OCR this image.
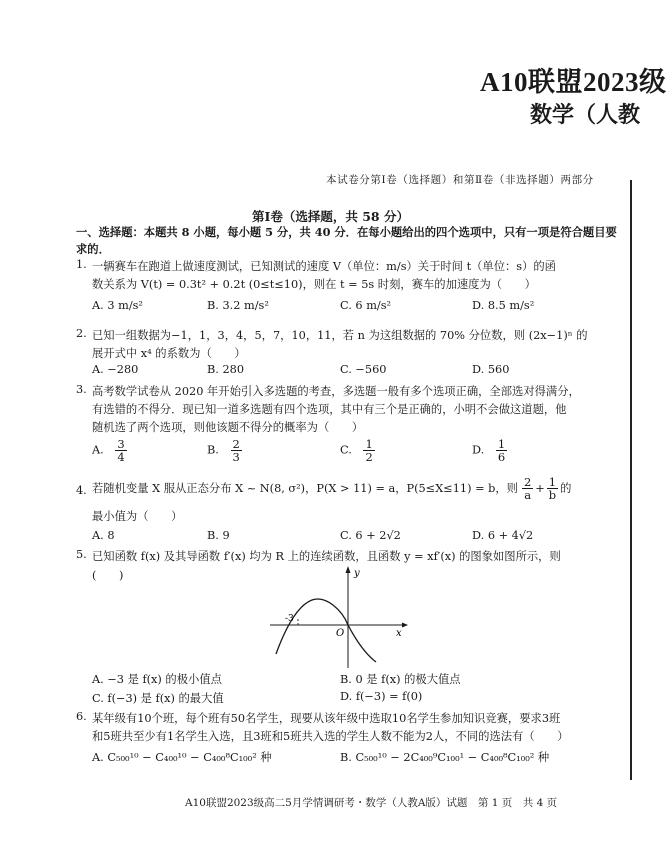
A10联盟2023级
数学（人教
本试卷分第Ⅰ卷（选择题）和第Ⅱ卷（非选择题）两部分
第Ⅰ卷（选择题，共 58 分）
一、选择题：本题共 8 小题，每小题 5 分，共 40 分．在每小题给出的四个选项中，只有一项是符合题目要求的．
1. 一辆赛车在跑道上做速度测试，已知测试的速度 V（单位：m/s）关于时间 t（单位：s）的函
数关系为 V(t) = 0.3t² + 0.2t (0≤t≤10)，则在 t = 5s 时刻，赛车的加速度为（　　）
A. 3 m/s²	B. 3.2 m/s²	C. 6 m/s²	D. 8.5 m/s²
2. 已知一组数据为−1，1，3，4，5，7，10，11，若 n 为这组数据的 70% 分位数，则 (2x−1)ⁿ 的
展开式中 x⁴ 的系数为（　　）
A. −280	B. 280	C. −560	D. 560
3. 高考数学试卷从 2020 年开始引入多选题的考查，多选题一般有多个选项正确，全部选对得满分，
有选错的不得分．现已知一道多选题有四个选项，其中有三个是正确的，小明不会做这道题，他
随机选了两个选项，则他该题不得分的概率为（　　）
A. $\frac{3}{4}$	B. $\frac{2}{3}$	C. $\frac{1}{2}$	D. $\frac{1}{6}$
4. 若随机变量 X 服从正态分布 X ~ N(8, σ²)，P(X > 11) = a，P(5≤X≤11) = b，则 $\frac{2}{a} + \frac{1}{b}$ 的
最小值为（　　）
A. 8	B. 9	C. 6 + 2√2	D. 6 + 4√2
5. 已知函数 f(x) 及其导函数 f′(x) 均为 R 上的连续函数，且函数 y = xf′(x) 的图象如图所示，则
(　　)	y
x
O
-3
A. −3 是 f(x) 的极小值点	B. 0 是 f(x) 的极大值点
C. f(−3) 是 f(x) 的最大值	D. f(−3) = f(0)
6. 某年级有10个班，每个班有50名学生，现要从该年级中选取10名学生参加知识竞赛，要求3班
和5班共至少有1名学生入选，且3班和5班共入选的学生人数不能为2人，不同的选法有（　　）
A. C₅₀₀¹⁰ − C₄₀₀¹⁰ − C₄₀₀⁸C₁₀₀² 种	B. C₅₀₀¹⁰ − 2C₄₀₀⁹C₁₀₀¹ − C₄₀₀⁸C₁₀₀² 种
A10联盟2023级高二5月学情调研考・数学（人教A版）试题　第 1 页　共 4 页
